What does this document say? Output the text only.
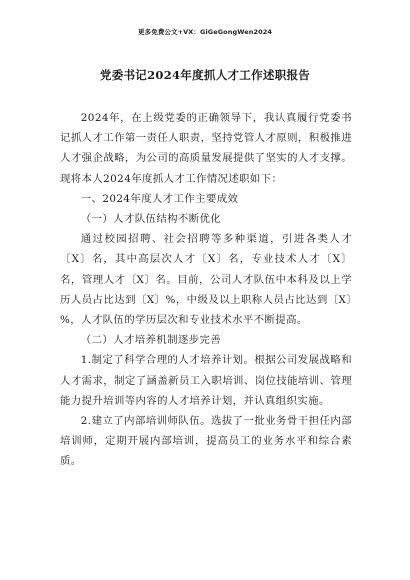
更多免费公文+VX：GiGeGongWen2024
党委书记2024年度抓人才工作述职报告

2024年，在上级党委的正确领导下，我认真履行党委书记抓人才工作第一责任人职责，坚持党管人才原则，积极推进人才强企战略，为公司的高质量发展提供了坚实的人才支撑。现将本人2024年度抓人才工作情况述职如下：

一、2024年度人才工作主要成效

（一）人才队伍结构不断优化

通过校园招聘、社会招聘等多种渠道，引进各类人才〔X〕名，其中高层次人才〔X〕名，专业技术人才〔X〕名，管理人才〔X〕名。目前，公司人才队伍中本科及以上学历人员占比达到〔X〕%，中级及以上职称人员占比达到〔X〕%，人才队伍的学历层次和专业技术水平不断提高。

（二）人才培养机制逐步完善

1.制定了科学合理的人才培养计划。根据公司发展战略和人才需求，制定了涵盖新员工入职培训、岗位技能培训、管理能力提升培训等内容的人才培养计划，并认真组织实施。

2.建立了内部培训师队伍。选拔了一批业务骨干担任内部培训师，定期开展内部培训，提高员工的业务水平和综合素质。
